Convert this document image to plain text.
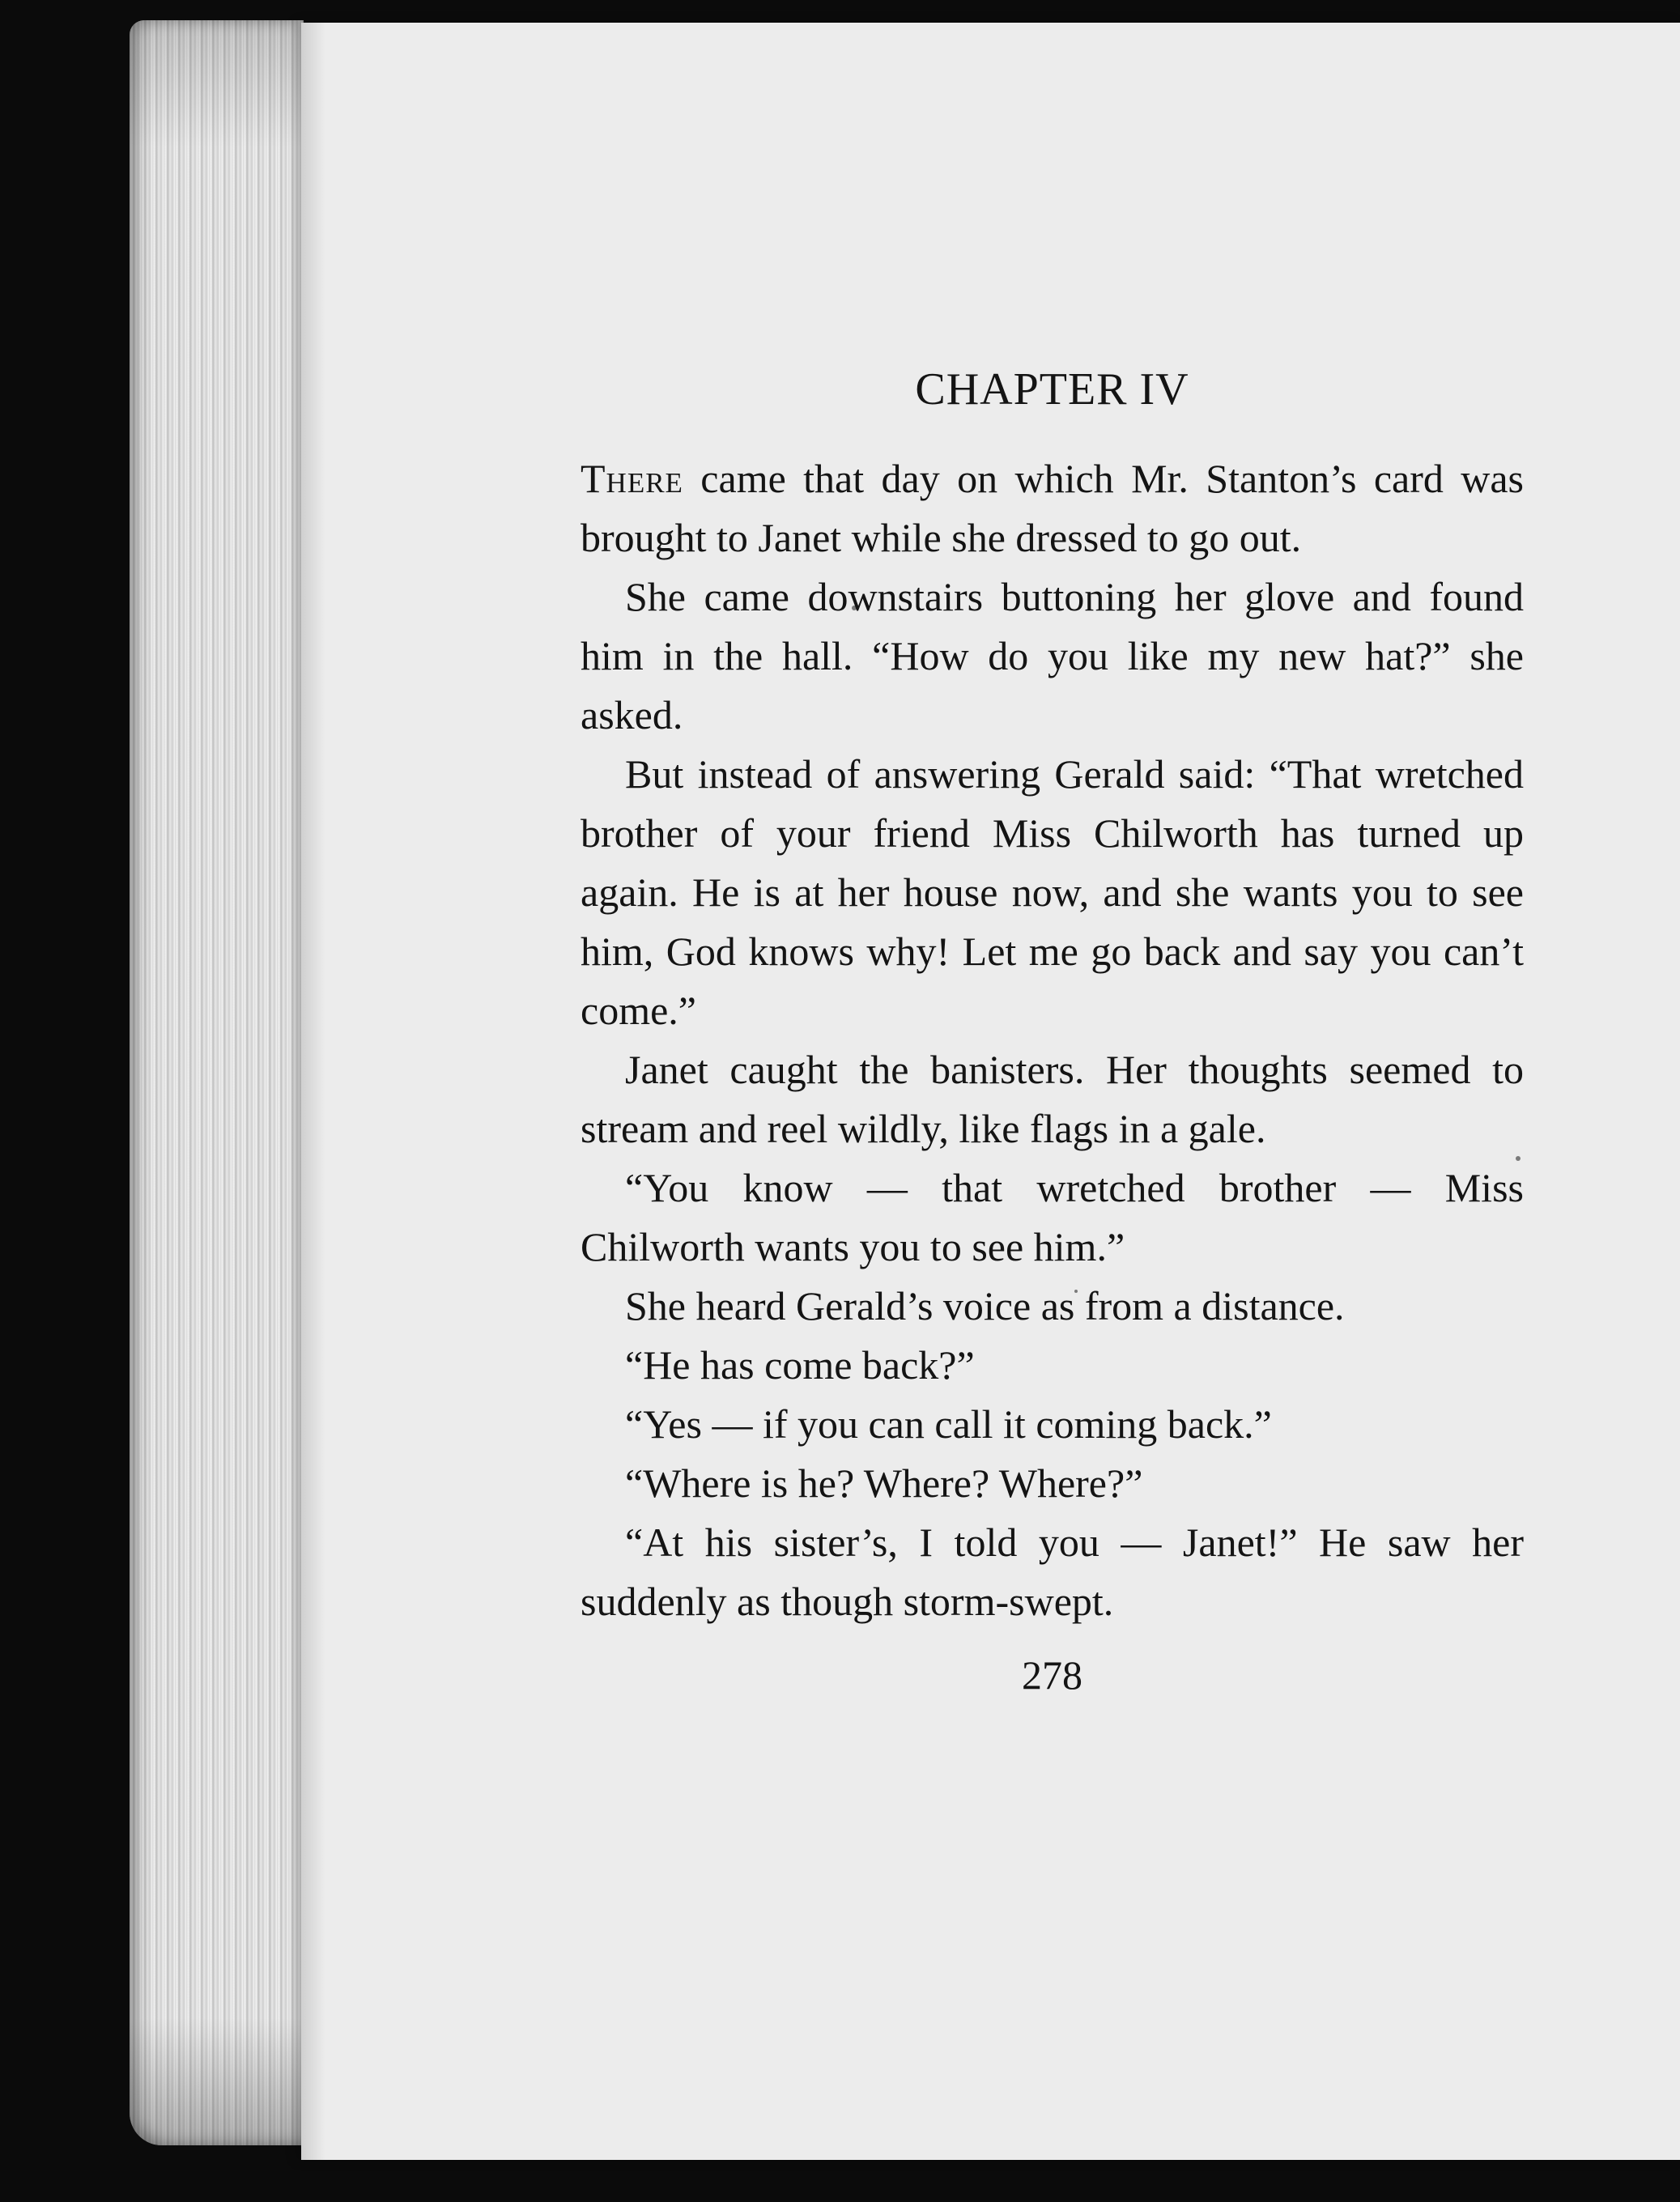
CHAPTER IV

There came that day on which Mr. Stanton’s card was brought to Janet while she dressed to go out.

She came downstairs buttoning her glove and found him in the hall. “How do you like my new hat?” she asked.

But instead of answering Gerald said: “That wretched brother of your friend Miss Chilworth has turned up again. He is at her house now, and she wants you to see him, God knows why! Let me go back and say you can’t come.”

Janet caught the banisters. Her thoughts seemed to stream and reel wildly, like flags in a gale.

“You know — that wretched brother — Miss Chilworth wants you to see him.”

She heard Gerald’s voice as from a distance.

“He has come back?”

“Yes — if you can call it coming back.”

“Where is he? Where? Where?”

“At his sister’s, I told you — Janet!” He saw her suddenly as though storm-swept.

278
